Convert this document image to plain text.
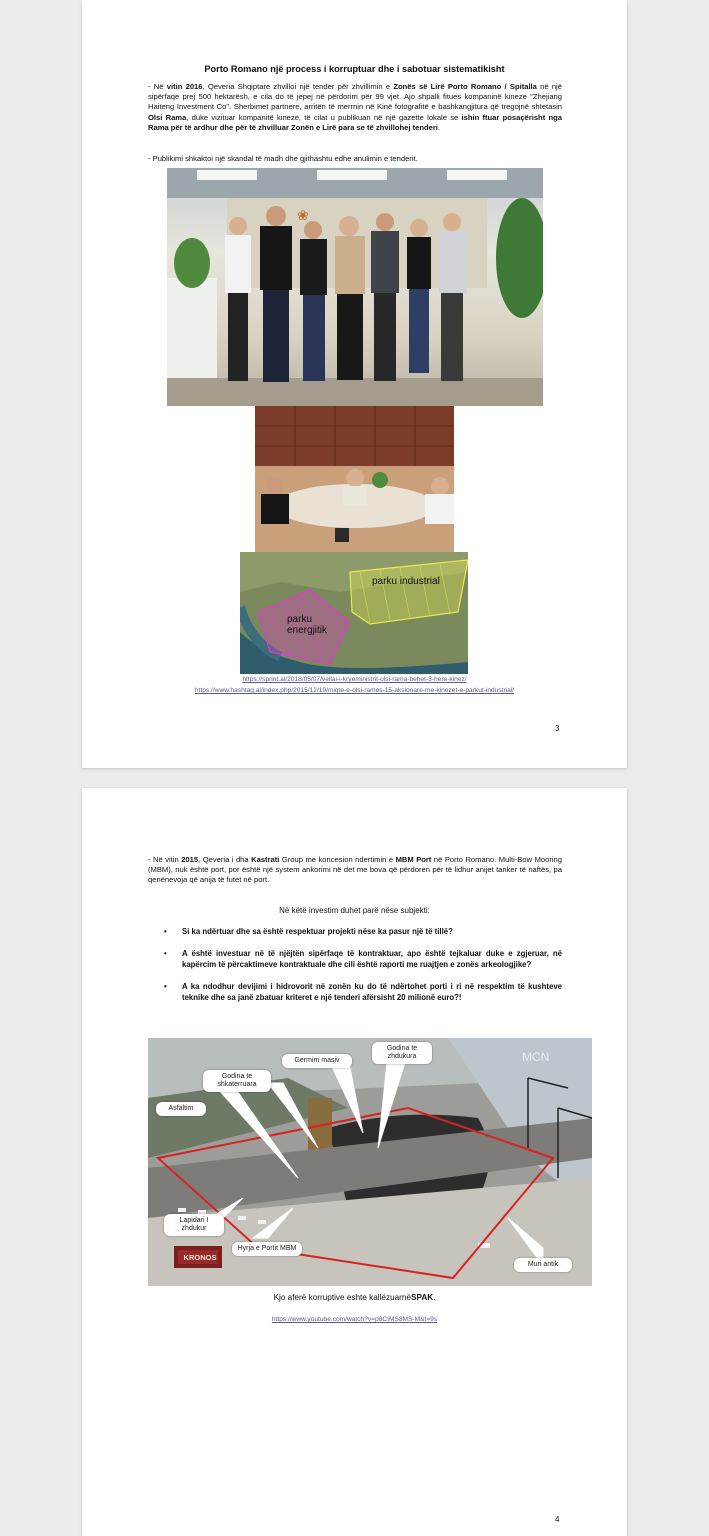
Porto Romano një process i korruptuar dhe i sabotuar sistematikisht
- Në vitin 2016, Qeveria Shqiptare zhvilloi një tender për zhvillimin e Zonës së Lirë Porto Romano / Spitalla në një sipërfaqe prej 500 hektarësh, e cila do të jepej në përdorim për 99 vjet. Ajo shpalli fitues kompaninë kineze "Zhejiang Haiteng Investment Co". Sherbimet partnere, arritën të merrnin në Kinë fotografitë e bashkangjitura që tregojnë shtetasin Olsi Rama, duke vizituar kompanitë kineze, të cilat u publikuan në një gazette lokale se ishin ftuar posaçërisht nga Rama për të ardhur dhe për të zhvilluar Zonën e Lirë para se të zhvillohej tenderi.
- Publikimi shkaktoi një skandal të madh dhe gjithashtu edhe anulimin e tenderit.
❀
parku industrial
parku energjitik
https://sprint.al/2018/05/07/vellai-i-kryeministrit-olsi-rama-behet-3-here-kinez/
https://www.hashtag.al/index.php/2015/12/19/miqte-e-olsi-rames-15-aksionare-me-kinezet-e-parkut-industrial/
3
- Në vitin 2015, Qeveria i dha Kastrati Group me koncesion ndertimin e MBM Port në Porto Romano. Multi-Bow Mooring (MBM), nuk është port, por është një system ankorimi në det me bova që përdoren për të lidhur anijet tanker të naftës, pa qenënevoja që anija të futet në port.
Në këtë investim duhet parë nëse subjekti:
• Si ka ndërtuar dhe sa është respektuar projekti nëse ka pasur një të tillë?
• A është investuar në të njëjtën sipërfaqe të kontraktuar, apo është tejkaluar duke e zgjeruar, në kapërcim të përcaktimeve kontraktuale dhe cili është raporti me ruajtjen e zonës arkeologjike?
• A ka ndodhur devijimi i hidrovorit në zonën ku do të ndërtohet porti i ri në respektim të kushteve teknike dhe sa janë zbatuar kriteret e një tenderi afërsisht 20 milionë euro?!
KRONOS
MCN
Godina te zhdukura
Germim masiv
Godina te shkaterruara
Asfaltim
Lapidari I zhdukur
Hyrja e Portit MBM
Muri antik
Kjo aferë korruptive eshte kallëzuarnëSPAK.
https://www.youtube.com/watch?v=p8CIMS8MS-M&t=9s
4
